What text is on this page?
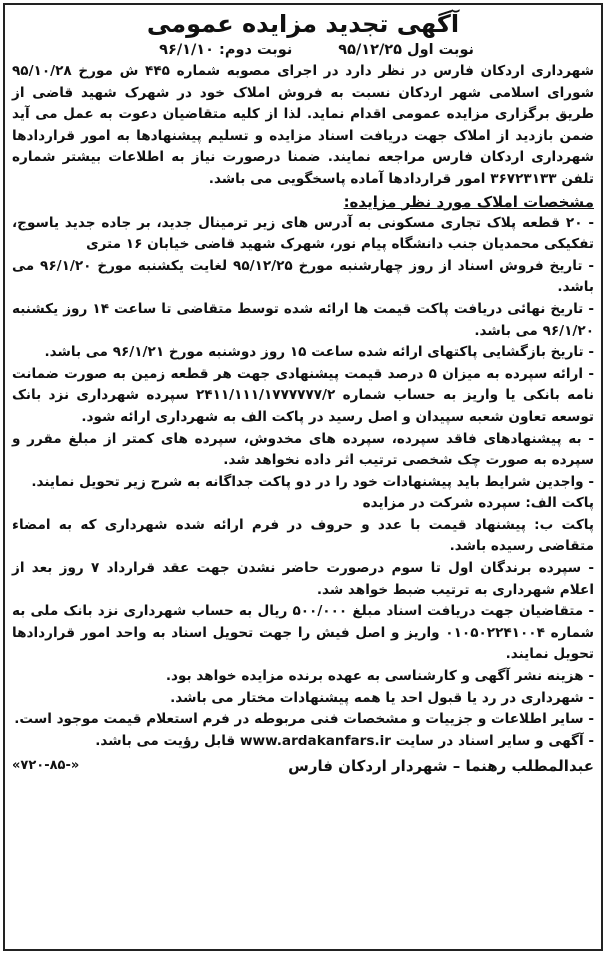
آگهی تجدید مزایده عمومی
نوبت اول ۹۵/۱۲/۲۵
نوبت دوم: ۹۶/۱/۱۰

شهرداری اردکان فارس در نظر دارد در اجرای مصوبه شماره ۴۴۵ ش مورخ ۹۵/۱۰/۲۸ شورای اسلامی شهر اردکان نسبت به فروش املاک خود در شهرک شهید قاضی از طریق برگزاری مزایده عمومی اقدام نماید. لذا از کلیه متقاضیان دعوت به عمل می آید ضمن بازدید از املاک جهت دریافت اسناد مزایده و تسلیم پیشنهادها به امور قراردادها شهرداری اردکان فارس مراجعه نمایند. ضمنا درصورت نیاز به اطلاعات بیشتر شماره تلفن ۳۶۷۲۳۱۳۳ امور قراردادها آماده پاسخگویی می باشد.

مشخصات املاک مورد نظر مزایده:

- ۲۰ قطعه پلاک تجاری مسکونی به آدرس های زیر ترمینال جدید، بر جاده جدید یاسوج، تفکیکی محمدیان جنب دانشگاه پیام نور، شهرک شهید قاضی خیابان ۱۶ متری

- تاریخ فروش اسناد از روز چهارشنبه مورخ ۹۵/۱۲/۲۵ لغایت یکشنبه مورخ ۹۶/۱/۲۰ می باشد.

- تاریخ نهائی دریافت پاکت قیمت ها ارائه شده توسط متقاضی تا ساعت ۱۴ روز یکشنبه ۹۶/۱/۲۰ می باشد.

- تاریخ بازگشایی پاکتهای ارائه شده ساعت ۱۵ روز دوشنبه مورخ ۹۶/۱/۲۱ می باشد.

- ارائه سپرده به میزان ۵ درصد قیمت پیشنهادی جهت هر قطعه زمین به صورت ضمانت نامه بانکی یا واریز به حساب شماره ۲۴۱۱/۱۱۱/۱۷۷۷۷۷۷/۲ سپرده شهرداری نزد بانک توسعه تعاون شعبه سپیدان و اصل رسید در پاکت الف به شهرداری ارائه شود.

- به پیشنهادهای فاقد سپرده، سپرده های مخدوش، سپرده های کمتر از مبلغ مقرر و سپرده به صورت چک شخصی ترتیب اثر داده نخواهد شد.

- واجدین شرایط باید پیشنهادات خود را در دو پاکت جداگانه به شرح زیر تحویل نمایند.

پاکت الف: سپرده شرکت در مزایده

پاکت ب: پیشنهاد قیمت با عدد و حروف در فرم ارائه شده شهرداری که به امضاء متقاضی رسیده باشد.

- سپرده برندگان اول تا سوم درصورت حاضر نشدن جهت عقد قرارداد ۷ روز بعد از اعلام شهرداری به ترتیب ضبط خواهد شد.

- متقاضیان جهت دریافت اسناد مبلغ ۵۰۰/۰۰۰ ریال به حساب شهرداری نزد بانک ملی به شماره ۰۱۰۵۰۲۲۴۱۰۰۴ واریز و اصل فیش را جهت تحویل اسناد به واحد امور قراردادها تحویل نمایند.

- هزینه نشر آگهی و کارشناسی به عهده برنده مزایده خواهد بود.

- شهرداری در رد یا قبول احد یا همه پیشنهادات مختار می باشد.

- سایر اطلاعات و جزییات و مشخصات فنی مربوطه در فرم استعلام قیمت موجود است.

- آگهی و سایر اسناد در سایت www.ardakanfars.ir قابل رؤیت می باشد.

عبدالمطلب رهنما – شهردار اردکان فارس
«۷۲۰-۸۵-»
